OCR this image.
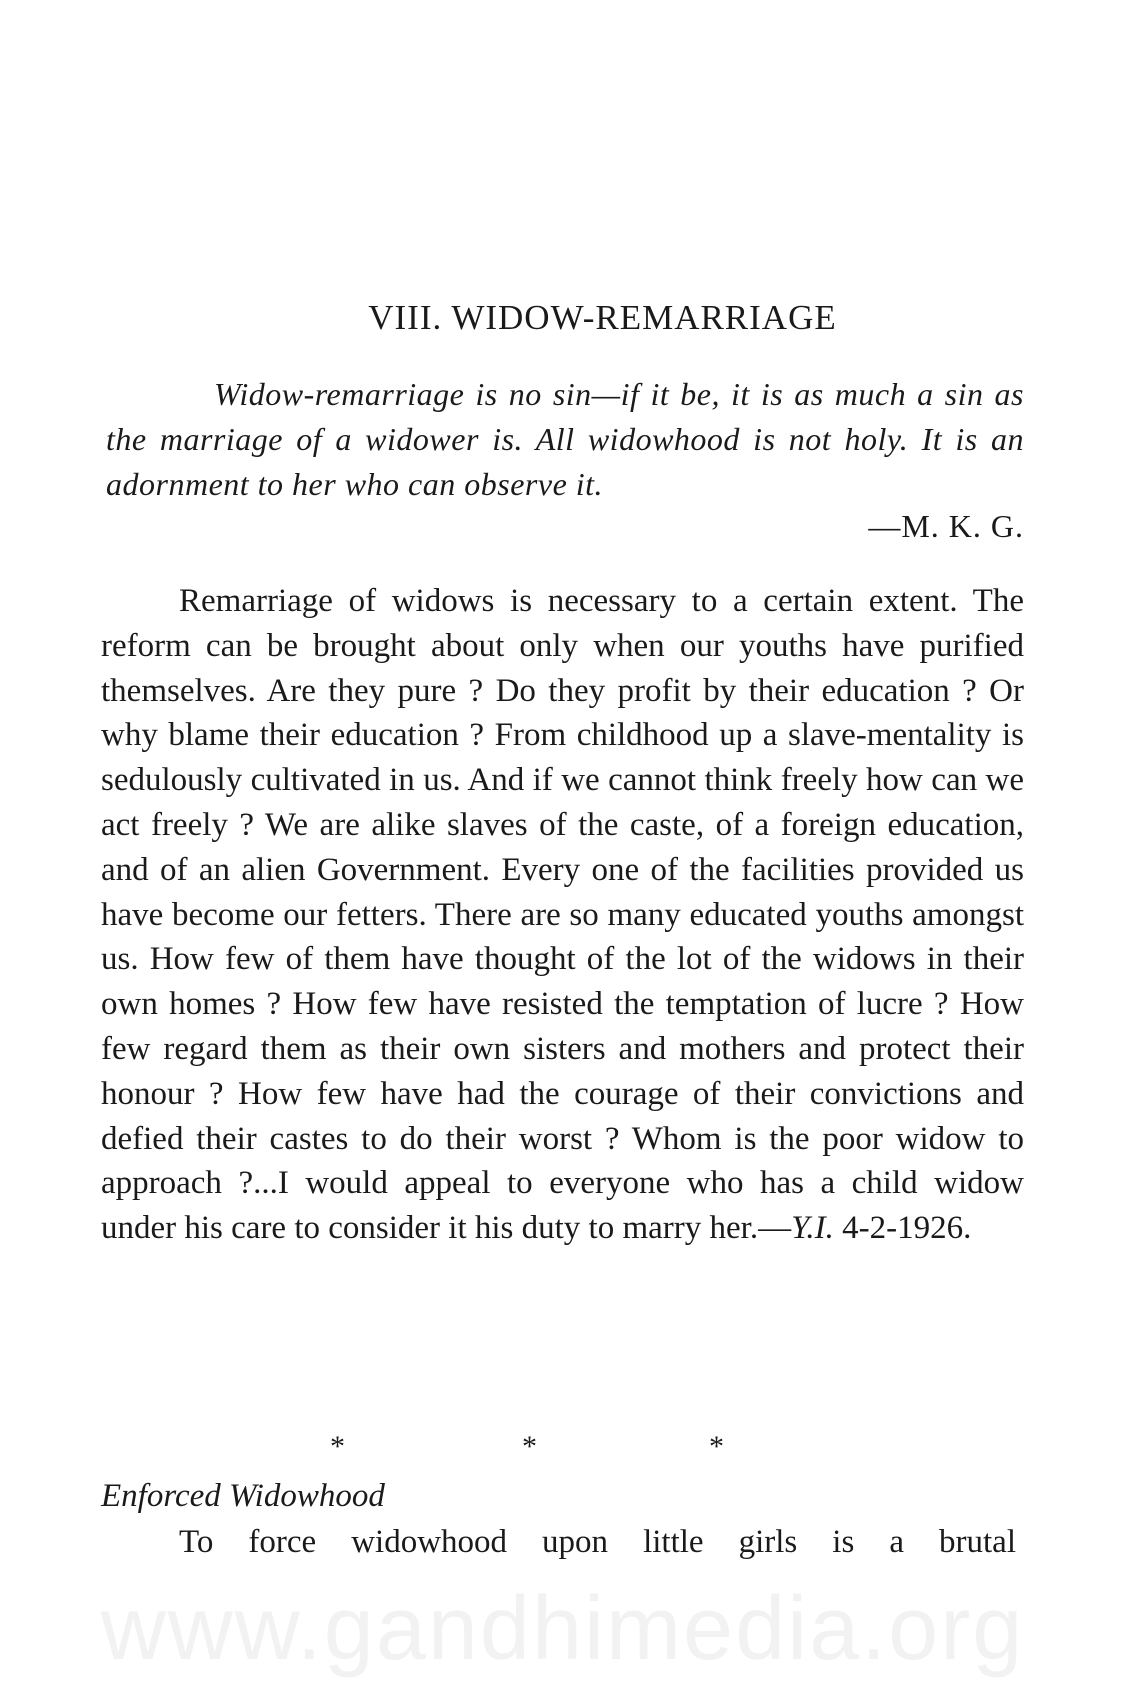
VIII. WIDOW-REMARRIAGE
Widow-remarriage is no sin—if it be, it is as much a sin as the marriage of a widower is. All widowhood is not holy. It is an adornment to her who can observe it.

—M. K. G.

Remarriage of widows is necessary to a certain extent. The reform can be brought about only when our youths have purified themselves. Are they pure ? Do they profit by their education ? Or why blame their education ? From childhood up a slave-mentality is sedulously cultivated in us. And if we cannot think freely how can we act freely ? We are alike slaves of the caste, of a foreign education, and of an alien Government. Every one of the facilities provided us have become our fetters. There are so many educated youths amongst us. How few of them have thought of the lot of the widows in their own homes ? How few have resisted the temptation of lucre ? How few regard them as their own sisters and mothers and protect their honour ? How few have had the courage of their convictions and defied their castes to do their worst ? Whom is the poor widow to approach ?...I would appeal to everyone who has a child widow under his care to consider it his duty to marry her.—Y.I. 4-2-1926.

*	*	*
Enforced Widowhood

To force widowhood upon little girls is a brutal

www.gandhimedia.org
